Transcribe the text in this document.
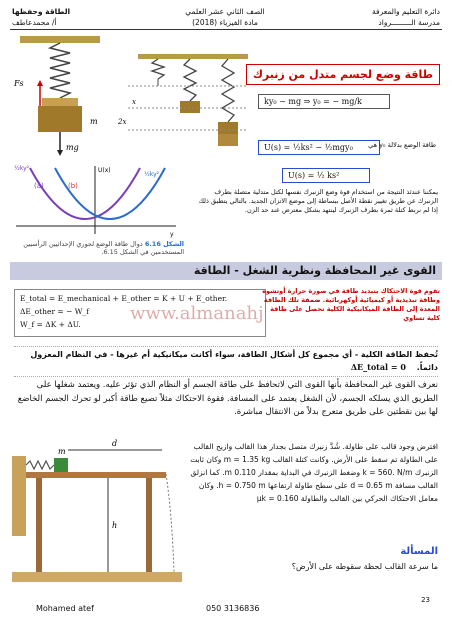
دائرة التعليم والمعرفة
مدرسة الـــــــــرواد
الصف الثاني عشر العلمي
مادة الفيزياء (2018)
الطاقة وحفظها
أ/ محمدعاطف
Fs
m
mg
x
2x
طاقة وضع لجسم متدل من زنبرك
ky₀ − mg ⇒ y₀ = − mg/k
U(s) = ½ks² − ½mgy₀	طاقة الوضع بدلالة y₀ هي
U(s) = ½ ks²
يمكننا عندئذ النتيجة من استخدام قوة وضع الزنبرك نفسها لكتل متدلية متصلة بطرف الزنبرك عن طريق تغيير نقطة الأصل ببساطة إلى موضع الاتزان الجديد. بالتالي يتطبق ذلك إذا لم نربط كتلة ثمرة بطرف الزنبرك لينتهد بشكل معترض عند حد الزن.
½ky²
½ky²
(a)	(b)
U(x)
y
الشكل 6.16 دوال طاقة الوضع لجوري الإحداثيين الرأسيين المستخدمين في الشكل 6.15.
القوى غير المحافظة ونظرية الشغل - الطاقة
E_total = E_mechanical + E_other = K + U + E_other.
ΔE_other = − W_f
W_f = ΔK + ΔU.
تقوم قوة الاحتكاك بتبديد طاقة في صورة حرارة أوتشوه وطاقة تبذيذية أو كيميائية أوكهربائية. ضمقة تلك الطاقة المعدة إلى الطاقة الميكانيكية الكلية تحصل على طاقة كلية تساوي
www.almanahj
تُحفظ الطاقة الكلية - أي مجموع كل أشكال الطاقة، سواء أكانت ميكانيكية أم غيرها - في النظام المعزول دائماً. ΔE_total = 0
نعرف القوى غير المحافظة بأنها القوى التي لاتحافظ على طاقة الجسم أو النظام الذي تؤثر عليه. ويعتمد شغلها على الطريق الذي يسلكه الجسم، لأن الشغل يعتمد على المسافة. فقوة الاحتكاك مثلاً تصيع طاقة أكبر لو تحرك الجسم الخاضع لها بين نقطتين على طريق متعرج بدلاً من الانتقال مباشرة.
m
d
h
افترض وجود قالب على طاولة. شُدَّ زنبرك متصل بجدار هذا القالب وازيح القالب على الطاولة تم سقط على الأرض. وكانت كتلة القالب m = 1.35 kg وكان ثابت الزنبرك k = 560. N/m وضغط الزنبرك في البداية بمقدار 0.110 m. كما انزلق القالب مسافة d = 0.65 m على سطح طاولة ارتفاعها h = 0.750 m. وكان معامل الاحتكاك الحركي بين القالب والطاولة μk = 0.160
المسألة
ما سرعة القالب لحظة سقوطه على الأرض؟
23
Mohamed atef	050 3136836
